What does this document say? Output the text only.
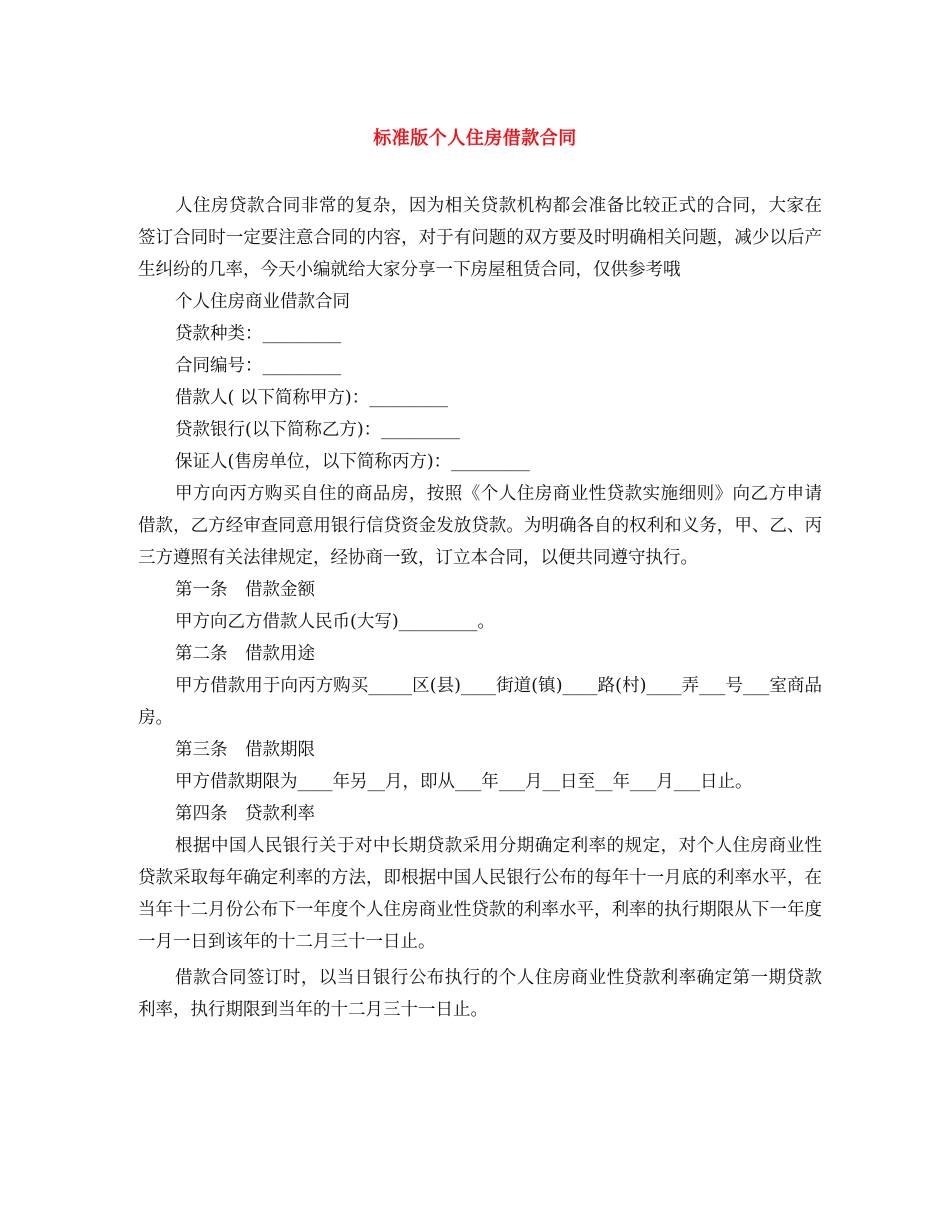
标准版个人住房借款合同

人住房贷款合同非常的复杂，因为相关贷款机构都会准备比较正式的合同，大家在签订合同时一定要注意合同的内容，对于有问题的双方要及时明确相关问题，减少以后产生纠纷的几率，今天小编就给大家分享一下房屋租赁合同，仅供参考哦

个人住房商业借款合同

贷款种类：_________

合同编号：_________

借款人( 以下简称甲方)：_________

贷款银行(以下简称乙方)：_________

保证人(售房单位，以下简称丙方)：_________

甲方向丙方购买自住的商品房，按照《个人住房商业性贷款实施细则》向乙方申请借款，乙方经审查同意用银行信贷资金发放贷款。为明确各自的权利和义务，甲、乙、丙三方遵照有关法律规定，经协商一致，订立本合同，以便共同遵守执行。

第一条　借款金额

甲方向乙方借款人民币(大写)_________。

第二条　借款用途

甲方借款用于向丙方购买_____区(县)____街道(镇)____路(村)____弄___号___室商品房。

第三条　借款期限

甲方借款期限为____年另__月，即从___年___月__日至__年___月___日止。

第四条　贷款利率

根据中国人民银行关于对中长期贷款采用分期确定利率的规定，对个人住房商业性贷款采取每年确定利率的方法，即根据中国人民银行公布的每年十一月底的利率水平，在当年十二月份公布下一年度个人住房商业性贷款的利率水平，利率的执行期限从下一年度一月一日到该年的十二月三十一日止。

借款合同签订时，以当日银行公布执行的个人住房商业性贷款利率确定第一期贷款利率，执行期限到当年的十二月三十一日止。
